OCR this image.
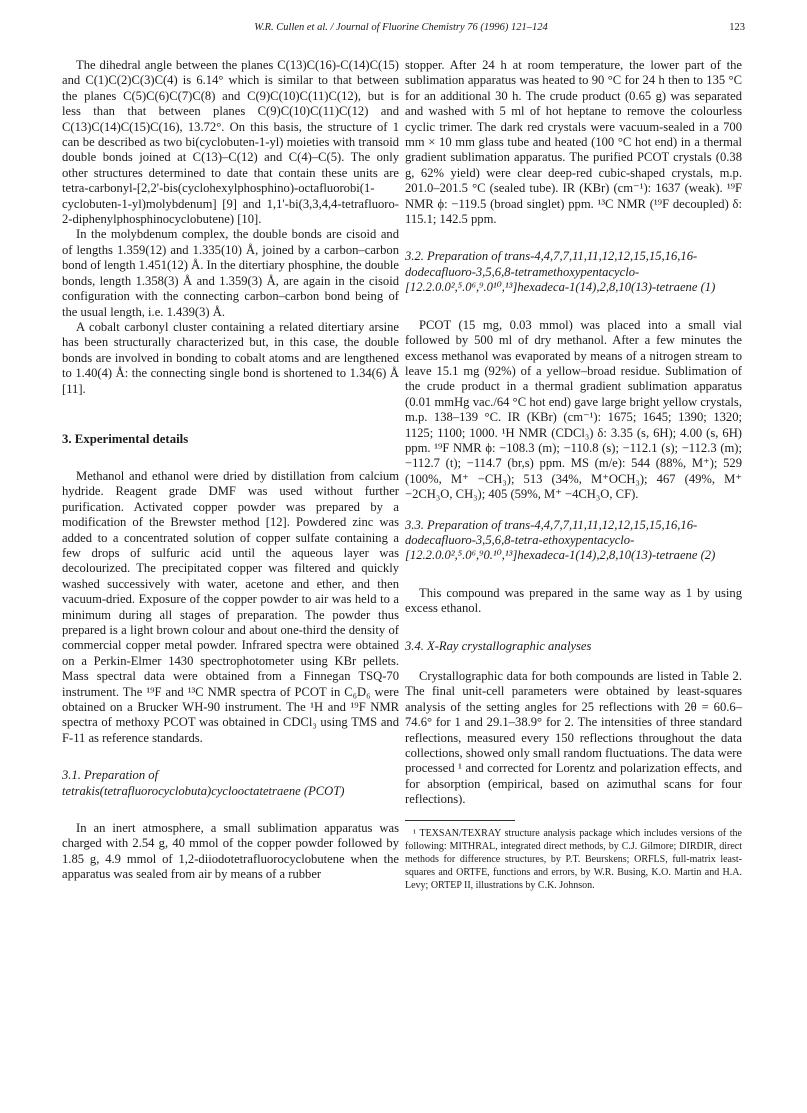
W.R. Cullen et al. / Journal of Fluorine Chemistry 76 (1996) 121–124	123

The dihedral angle between the planes C(13)C(16)-C(14)C(15) and C(1)C(2)C(3)C(4) is 6.14° which is similar to that between the planes C(5)C(6)C(7)C(8) and C(9)C(10)C(11)C(12), but is less than that between planes C(9)C(10)C(11)C(12) and C(13)C(14)C(15)C(16), 13.72°. On this basis, the structure of 1 can be described as two bi(cyclobuten-1-yl) moieties with transoid double bonds joined at C(13)–C(12) and C(4)–C(5). The only other structures determined to date that contain these units are tetra-carbonyl-[2,2'-bis(cyclohexylphosphino)-octafluorobi(1-cyclobuten-1-yl)molybdenum] [9] and 1,1'-bi(3,3,4,4-tetrafluoro-2-diphenylphosphinocyclobutene) [10].

In the molybdenum complex, the double bonds are cisoid and of lengths 1.359(12) and 1.335(10) Å, joined by a carbon–carbon bond of length 1.451(12) Å. In the ditertiary phosphine, the double bonds, length 1.358(3) Å and 1.359(3) Å, are again in the cisoid configuration with the connecting carbon–carbon bond being of the usual length, i.e. 1.439(3) Å.

A cobalt carbonyl cluster containing a related ditertiary arsine has been structurally characterized but, in this case, the double bonds are involved in bonding to cobalt atoms and are lengthened to 1.40(4) Å: the connecting single bond is shortened to 1.34(6) Å [11].

3. Experimental details

Methanol and ethanol were dried by distillation from calcium hydride. Reagent grade DMF was used without further purification. Activated copper powder was prepared by a modification of the Brewster method [12]. Powdered zinc was added to a concentrated solution of copper sulfate containing a few drops of sulfuric acid until the aqueous layer was decolourized. The precipitated copper was filtered and quickly washed successively with water, acetone and ether, and then vacuum-dried. Exposure of the copper powder to air was held to a minimum during all stages of preparation. The powder thus prepared is a light brown colour and about one-third the density of commercial copper metal powder. Infrared spectra were obtained on a Perkin-Elmer 1430 spectrophotometer using KBr pellets. Mass spectral data were obtained from a Finnegan TSQ-70 instrument. The ¹⁹F and ¹³C NMR spectra of PCOT in C₆D₆ were obtained on a Brucker WH-90 instrument. The ¹H and ¹⁹F NMR spectra of methoxy PCOT was obtained in CDCl₃ using TMS and F-11 as reference standards.

3.1. Preparation of tetrakis(tetrafluorocyclobuta)cyclooctatetraene (PCOT)

In an inert atmosphere, a small sublimation apparatus was charged with 2.54 g, 40 mmol of the copper powder followed by 1.85 g, 4.9 mmol of 1,2-diiodotetrafluorocyclobutene when the apparatus was sealed from air by means of a rubber

stopper. After 24 h at room temperature, the lower part of the sublimation apparatus was heated to 90 °C for 24 h then to 135 °C for an additional 30 h. The crude product (0.65 g) was separated and washed with 5 ml of hot heptane to remove the colourless cyclic trimer. The dark red crystals were vacuum-sealed in a 700 mm × 10 mm glass tube and heated (100 °C hot end) in a thermal gradient sublimation apparatus. The purified PCOT crystals (0.38 g, 62% yield) were clear deep-red cubic-shaped crystals, m.p. 201.0–201.5 °C (sealed tube). IR (KBr) (cm⁻¹): 1637 (weak). ¹⁹F NMR ϕ: −119.5 (broad singlet) ppm. ¹³C NMR (¹⁹F decoupled) δ: 115.1; 142.5 ppm.

3.2. Preparation of trans-4,4,7,7,11,11,12,12,15,15,16,16-dodecafluoro-3,5,6,8-tetramethoxypentacyclo-[12.2.0.0²,⁵.0⁶,⁹.0¹⁰,¹³]hexadeca-1(14),2,8,10(13)-tetraene (1)

PCOT (15 mg, 0.03 mmol) was placed into a small vial followed by 500 ml of dry methanol. After a few minutes the excess methanol was evaporated by means of a nitrogen stream to leave 15.1 mg (92%) of a yellow–broad residue. Sublimation of the crude product in a thermal gradient sublimation apparatus (0.01 mmHg vac./64 °C hot end) gave large bright yellow crystals, m.p. 138–139 °C. IR (KBr) (cm⁻¹): 1675; 1645; 1390; 1320; 1125; 1100; 1000. ¹H NMR (CDCl₃) δ: 3.35 (s, 6H); 4.00 (s, 6H) ppm. ¹⁹F NMR ϕ: −108.3 (m); −110.8 (s); −112.1 (s); −112.3 (m); −112.7 (t); −114.7 (br,s) ppm. MS (m/e): 544 (88%, M⁺); 529 (100%, M⁺ −CH₃); 513 (34%, M⁺OCH₃); 467 (49%, M⁺ −2CH₃O, CH₃); 405 (59%, M⁺ −4CH₃O, CF).

3.3. Preparation of trans-4,4,7,7,11,11,12,12,15,15,16,16-dodecafluoro-3,5,6,8-tetra-ethoxypentacyclo-[12.2.0.0²,⁵.0⁶,⁹0.¹⁰,¹³]hexadeca-1(14),2,8,10(13)-tetraene (2)

This compound was prepared in the same way as 1 by using excess ethanol.

3.4. X-Ray crystallographic analyses

Crystallographic data for both compounds are listed in Table 2. The final unit-cell parameters were obtained by least-squares analysis of the setting angles for 25 reflections with 2θ = 60.6–74.6° for 1 and 29.1–38.9° for 2. The intensities of three standard reflections, measured every 150 reflections throughout the data collections, showed only small random fluctuations. The data were processed ¹ and corrected for Lorentz and polarization effects, and for absorption (empirical, based on azimuthal scans for four reflections).

¹ TEXSAN/TEXRAY structure analysis package which includes versions of the following: MITHRAL, integrated direct methods, by C.J. Gilmore; DIRDIR, direct methods for difference structures, by P.T. Beurskens; ORFLS, full-matrix least-squares and ORTFE, functions and errors, by W.R. Busing, K.O. Martin and H.A. Levy; ORTEP II, illustrations by C.K. Johnson.
